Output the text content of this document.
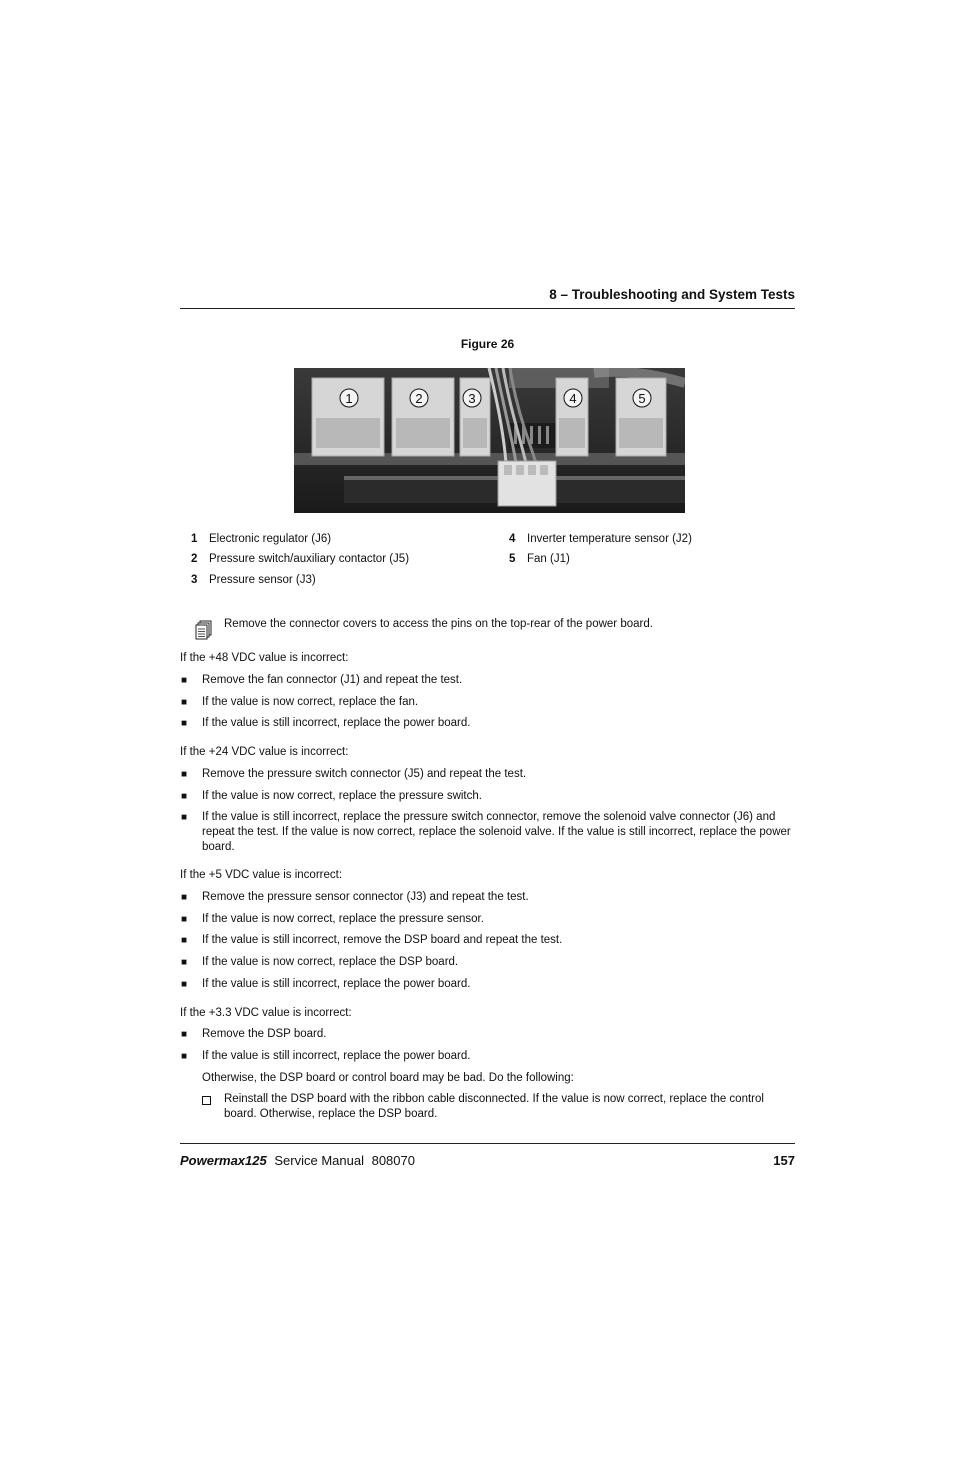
8 – Troubleshooting and System Tests
Figure 26
1	2	3	4	5
1 Electronic regulator (J6)
2 Pressure switch/auxiliary contactor (J5)
3 Pressure sensor (J3)
4 Inverter temperature sensor (J2)
5 Fan (J1)
Remove the connector covers to access the pins on the top-rear of the power board.
If the +48 VDC value is incorrect:
■ Remove the fan connector (J1) and repeat the test.
■ If the value is now correct, replace the fan.
■ If the value is still incorrect, replace the power board.
If the +24 VDC value is incorrect:
■ Remove the pressure switch connector (J5) and repeat the test.
■ If the value is now correct, replace the pressure switch.
■ If the value is still incorrect, replace the pressure switch connector, remove the solenoid valve connector (J6) and repeat the test. If the value is now correct, replace the solenoid valve. If the value is still incorrect, replace the power board.
If the +5 VDC value is incorrect:
■ Remove the pressure sensor connector (J3) and repeat the test.
■ If the value is now correct, replace the pressure sensor.
■ If the value is still incorrect, remove the DSP board and repeat the test.
■ If the value is now correct, replace the DSP board.
■ If the value is still incorrect, replace the power board.
If the +3.3 VDC value is incorrect:
■ Remove the DSP board.
■ If the value is still incorrect, replace the power board.
Otherwise, the DSP board or control board may be bad. Do the following:
Reinstall the DSP board with the ribbon cable disconnected. If the value is now correct, replace the control board. Otherwise, replace the DSP board.
Powermax125 Service Manual 808070	157
